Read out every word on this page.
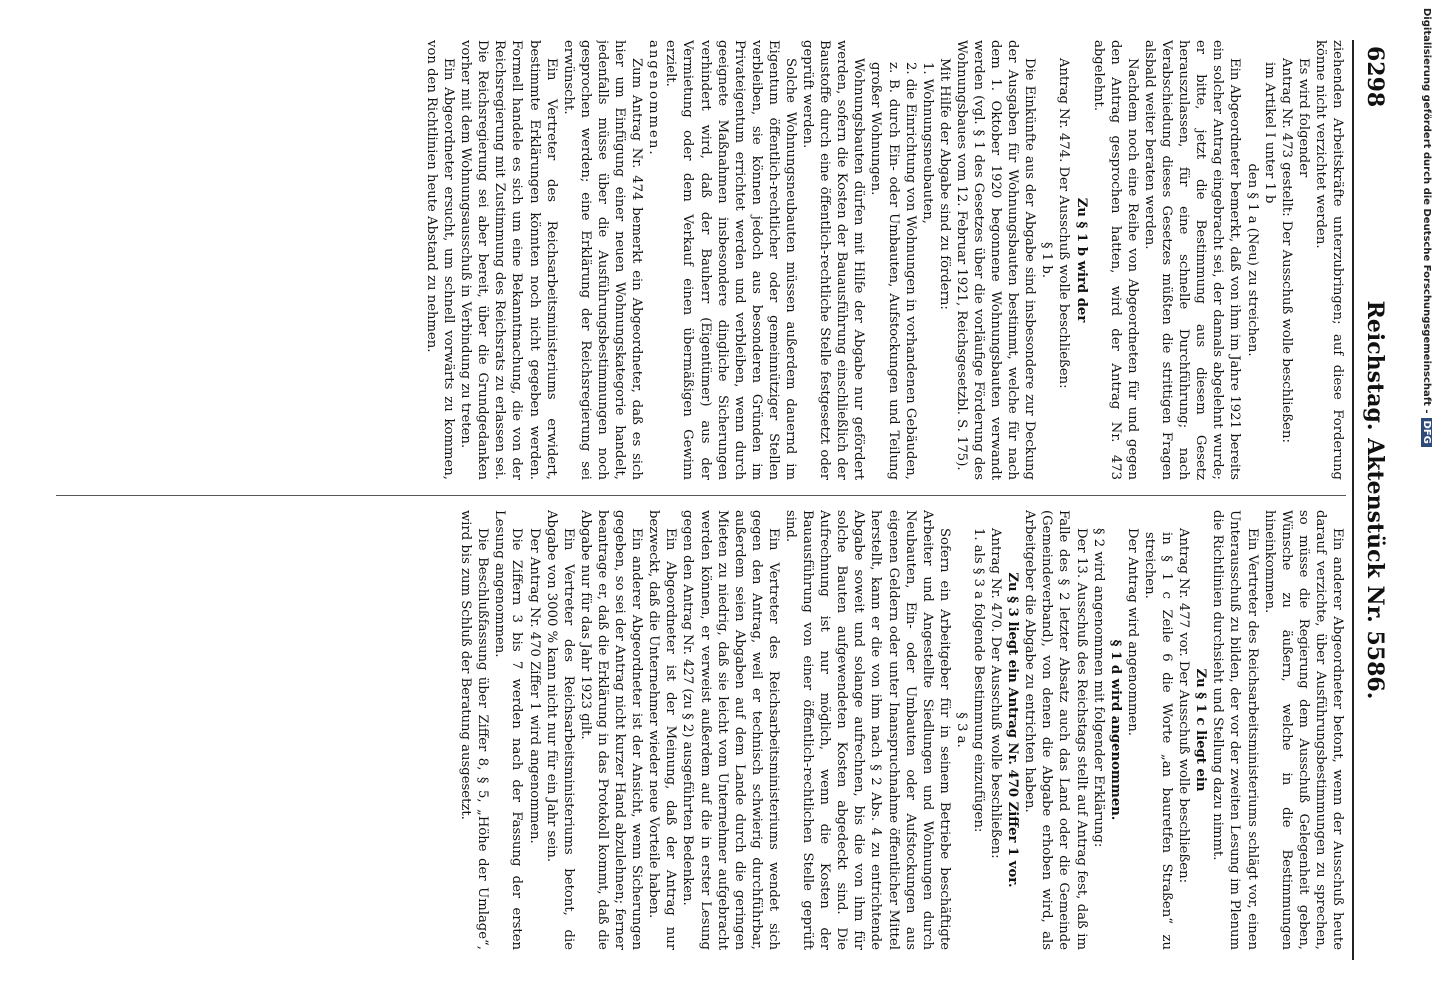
6298
Reichstag. Aktenstück Nr. 5586.

ziehenden Arbeitskräfte unterzubringen; auf diese Forderung könne nicht verzichtet werden.

Es wird folgender

Antrag Nr. 473 gestellt: Der Ausschuß wolle beschließen:

im Artikel I unter 1 b

den § 1 a (Neu) zu streichen.

Ein Abgeordneter bemerkt, daß von ihm im Jahre 1921 bereits ein solcher Antrag eingebracht sei, der damals abgelehnt wurde; er bitte, jetzt die Bestimmung aus diesem Gesetz herauszulassen, für eine schnelle Durchführung; nach Verabschiedung dieses Gesetzes müßten die strittigen Fragen alsbald weiter beraten werden.

Nachdem noch eine Reihe von Abgeordneten für und gegen den Antrag gesprochen hatten, wird der Antrag Nr. 473 abgelehnt.

Zu § 1 b wird der

Antrag Nr. 474. Der Ausschuß wolle beschließen:

§ 1 b.

Die Einkünfte aus der Abgabe sind insbesondere zur Deckung der Ausgaben für Wohnungsbauten bestimmt, welche für nach dem 1. Oktober 1920 begonnene Wohnungsbauten verwandt werden (vgl. § 1 des Gesetzes über die vorläufige Förderung des Wohnungsbaues vom 12. Februar 1921, Reichsgesetzbl. S. 175).

Mit Hilfe der Abgabe sind zu fördern:

1. Wohnungsneubauten,

2. die Einrichtung von Wohnungen in vorhandenen Gebäuden, z. B. durch Ein- oder Umbauten, Aufstockungen und Teilung großer Wohnungen.

Wohnungsbauten dürfen mit Hilfe der Abgabe nur gefördert werden, sofern die Kosten der Bauausführung einschließlich der Baustoffe durch eine öffentlich-rechtliche Stelle festgesetzt oder geprüft werden.

Solche Wohnungsneubauten müssen außerdem dauernd im Eigentum öffentlich-rechtlicher oder gemeinnütziger Stellen verbleiben, sie können jedoch aus besonderen Gründen im Privateigentum errichtet werden und verbleiben, wenn durch geeignete Maßnahmen insbesondere dingliche Sicherungen verhindert wird, daß der Bauherr (Eigentümer) aus der Vermietung oder dem Verkauf einen übermäßigen Gewinn erzielt.

angenommen.

Zum Antrag Nr. 474 bemerkt ein Abgeordneter, daß es sich hier um Einfügung einer neuen Wohnungskategorie handelt, jedenfalls müsse über die Ausführungsbestimmungen noch gesprochen werden; eine Erklärung der Reichsregierung sei erwünscht.

Ein Vertreter des Reichsarbeitsministeriums erwidert, bestimmte Erklärungen könnten noch nicht gegeben werden. Formell handele es sich um eine Bekanntmachung, die von der Reichsregierung mit Zustimmung des Reichsrats zu erlassen sei. Die Reichsregierung sei aber bereit, über die Grundgedanken vorher mit dem Wohnungsausschuß in Verbindung zu treten.

Ein Abgeordneter ersucht, um schnell vorwärts zu kommen, von den Richtlinien heute Abstand zu nehmen.

Ein anderer Abgeordneter betont, wenn der Ausschuß heute darauf verzichte, über Ausführungsbestimmungen zu sprechen, so müsse die Regierung dem Ausschuß Gelegenheit geben, Wünsche zu äußern, welche in die Bestimmungen hineinkommen.

Ein Vertreter des Reichsarbeitsministeriums schlägt vor, einen Unterausschuß zu bilden, der vor der zweiten Lesung im Plenum die Richtlinien durchsieht und Stellung dazu nimmt.

Zu § 1 c liegt ein

Antrag Nr. 477 vor. Der Ausschuß wolle beschließen:

in § 1 c Zeile 6 die Worte „an bauretfen Straßen“ zu streichen.

Der Antrag wird angenommen.

§ 1 d wird angenommen.

§ 2 wird angenommen mit folgender Erklärung:

Der 13. Ausschuß des Reichstags stellt auf Antrag fest, daß im Falle des § 2 letzter Absatz auch das Land oder die Gemeinde (Gemeindeverband), von denen die Abgabe erhoben wird, als Arbeitgeber die Abgabe zu entrichten haben.

Zu § 3 liegt ein Antrag Nr. 470 Ziffer 1 vor.

Antrag Nr. 470. Der Ausschuß wolle beschließen:

1. als § 3 a folgende Bestimmung einzufügen:

§ 3 a.

Sofern ein Arbeitgeber für in seinem Betriebe beschäftigte Arbeiter und Angestellte Siedlungen und Wohnungen durch Neubauten, Ein- oder Umbauten oder Aufstockungen aus eigenen Geldern oder unter Inanspruchnahme öffentlicher Mittel herstellt, kann er die von ihm nach § 2 Abs. 4 zu entrichtende Abgabe soweit und solange aufrechnen, bis die von ihm für solche Bauten aufgewendeten Kosten abgedeckt sind. Die Aufrechnung ist nur möglich, wenn die Kosten der Bauausführung von einer öffentlich-rechtlichen Stelle geprüft sind.

Ein Vertreter des Reichsarbeitsministeriums wendet sich gegen den Antrag, weil er technisch schwierig durchführbar, außerdem seien Abgaben auf dem Lande durch die geringen Mieten zu niedrig, daß sie leicht vom Unternehmer aufgebracht werden können, er verweist außerdem auf die in erster Lesung gegen den Antrag Nr. 427 (zu § 2) ausgeführten Bedenken.

Ein Abgeordneter ist der Meinung, daß der Antrag nur bezweckt, daß die Unternehmer wieder neue Vorteile haben.

Ein anderer Abgeordneter ist der Ansicht, wenn Sicherungen gegeben, so sei der Antrag nicht kurzer Hand abzulehnen; ferner beantrage er, daß die Erklärung in das Protokoll kommt, daß die Abgabe nur für das Jahr 1923 gilt.

Ein Vertreter des Reichsarbeitsministeriums betont, die Abgabe von 3000 % kann nicht nur für ein Jahr sein.

Der Antrag Nr. 470 Ziffer 1 wird angenommen.

Die Ziffern 3 bis 7 werden nach der Fassung der ersten Lesung angenommen.

Die Beschlußfassung über Ziffer 8, § 5, „Höhe der Umlage“, wird bis zum Schluß der Beratung ausgesetzt.

Digitalisierung gefördert durch die Deutsche Forschungsgemeinschaft -DFG
